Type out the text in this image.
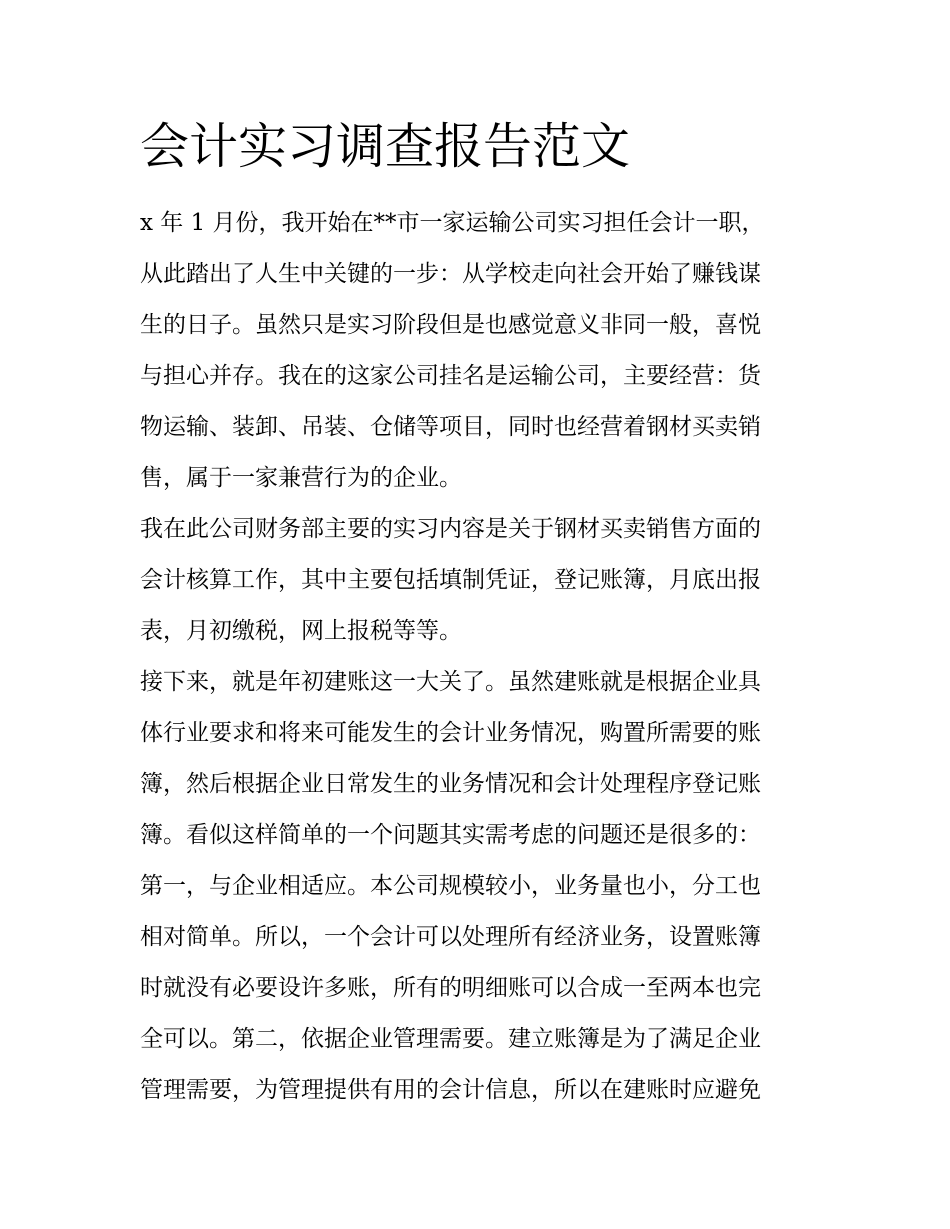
会计实习调查报告范文
x 年 1 月份，我开始在**市一家运输公司实习担任会计一职，
从此踏出了人生中关键的一步：从学校走向社会开始了赚钱谋
生的日子。虽然只是实习阶段但是也感觉意义非同一般，喜悦
与担心并存。我在的这家公司挂名是运输公司，主要经营：货
物运输、装卸、吊装、仓储等项目，同时也经营着钢材买卖销
售，属于一家兼营行为的企业。
我在此公司财务部主要的实习内容是关于钢材买卖销售方面的
会计核算工作，其中主要包括填制凭证，登记账簿，月底出报
表，月初缴税，网上报税等等。
接下来，就是年初建账这一大关了。虽然建账就是根据企业具
体行业要求和将来可能发生的会计业务情况，购置所需要的账
簿，然后根据企业日常发生的业务情况和会计处理程序登记账
簿。看似这样简单的一个问题其实需考虑的问题还是很多的：
第一，与企业相适应。本公司规模较小，业务量也小，分工也
相对简单。所以，一个会计可以处理所有经济业务，设置账簿
时就没有必要设许多账，所有的明细账可以合成一至两本也完
全可以。第二，依据企业管理需要。建立账簿是为了满足企业
管理需要，为管理提供有用的会计信息，所以在建账时应避免
